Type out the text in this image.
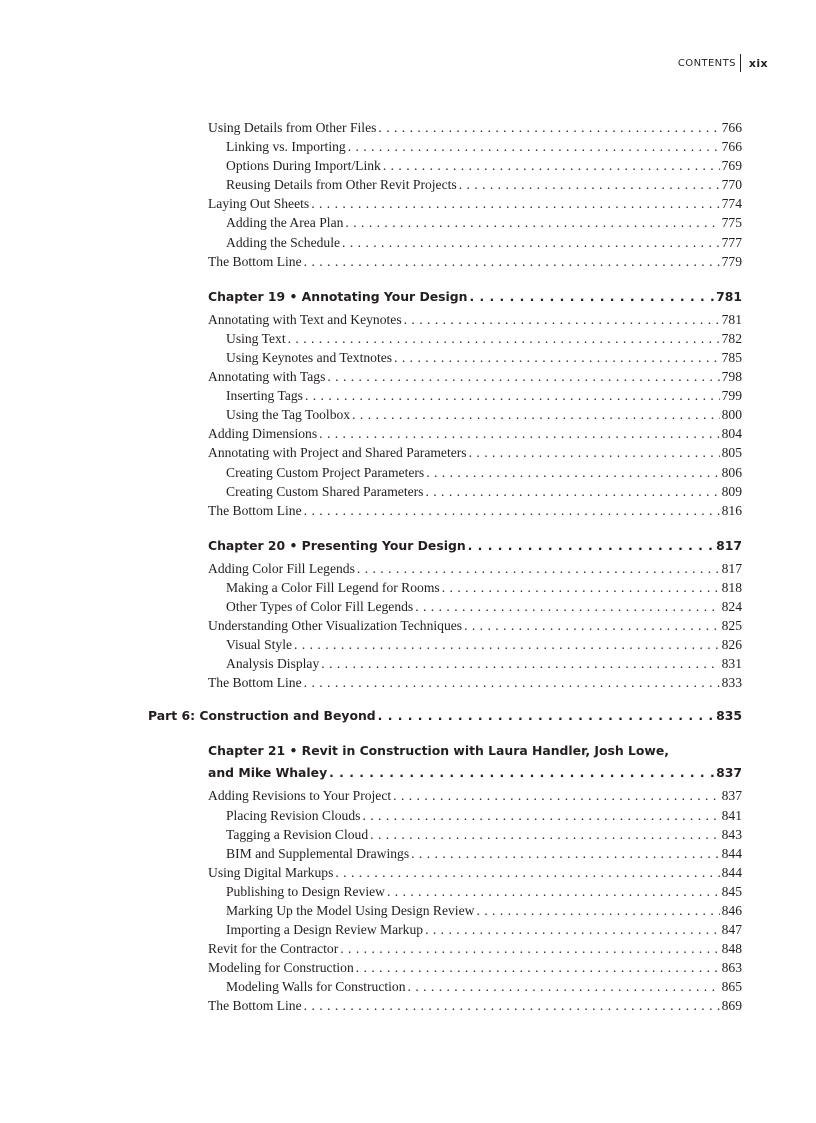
CONTENTS xix
Using Details from Other Files . . .	766
Linking vs. Importing . . .	766
Options During Import/Link . . .	769
Reusing Details from Other Revit Projects . . .	770
Laying Out Sheets . . .	774
Adding the Area Plan . . .	775
Adding the Schedule . . .	777
The Bottom Line . . .	779
Chapter 19 • Annotating Your Design . . .	781
Annotating with Text and Keynotes . . .	781
Using Text . . .	782
Using Keynotes and Textnotes . . .	785
Annotating with Tags . . .	798
Inserting Tags . . .	799
Using the Tag Toolbox . . .	800
Adding Dimensions . . .	804
Annotating with Project and Shared Parameters . . .	805
Creating Custom Project Parameters . . .	806
Creating Custom Shared Parameters . . .	809
The Bottom Line . . .	816
Chapter 20 • Presenting Your Design . . .	817
Adding Color Fill Legends . . .	817
Making a Color Fill Legend for Rooms . . .	818
Other Types of Color Fill Legends . . .	824
Understanding Other Visualization Techniques . . .	825
Visual Style . . .	826
Analysis Display . . .	831
The Bottom Line . . .	833
Part 6: Construction and Beyond . . .	835
Chapter 21 • Revit in Construction with Laura Handler, Josh Lowe,
and Mike Whaley . . .	837
Adding Revisions to Your Project . . .	837
Placing Revision Clouds . . .	841
Tagging a Revision Cloud . . .	843
BIM and Supplemental Drawings . . .	844
Using Digital Markups . . .	844
Publishing to Design Review . . .	845
Marking Up the Model Using Design Review . . .	846
Importing a Design Review Markup . . .	847
Revit for the Contractor . . .	848
Modeling for Construction . . .	863
Modeling Walls for Construction . . .	865
The Bottom Line . . .	869
